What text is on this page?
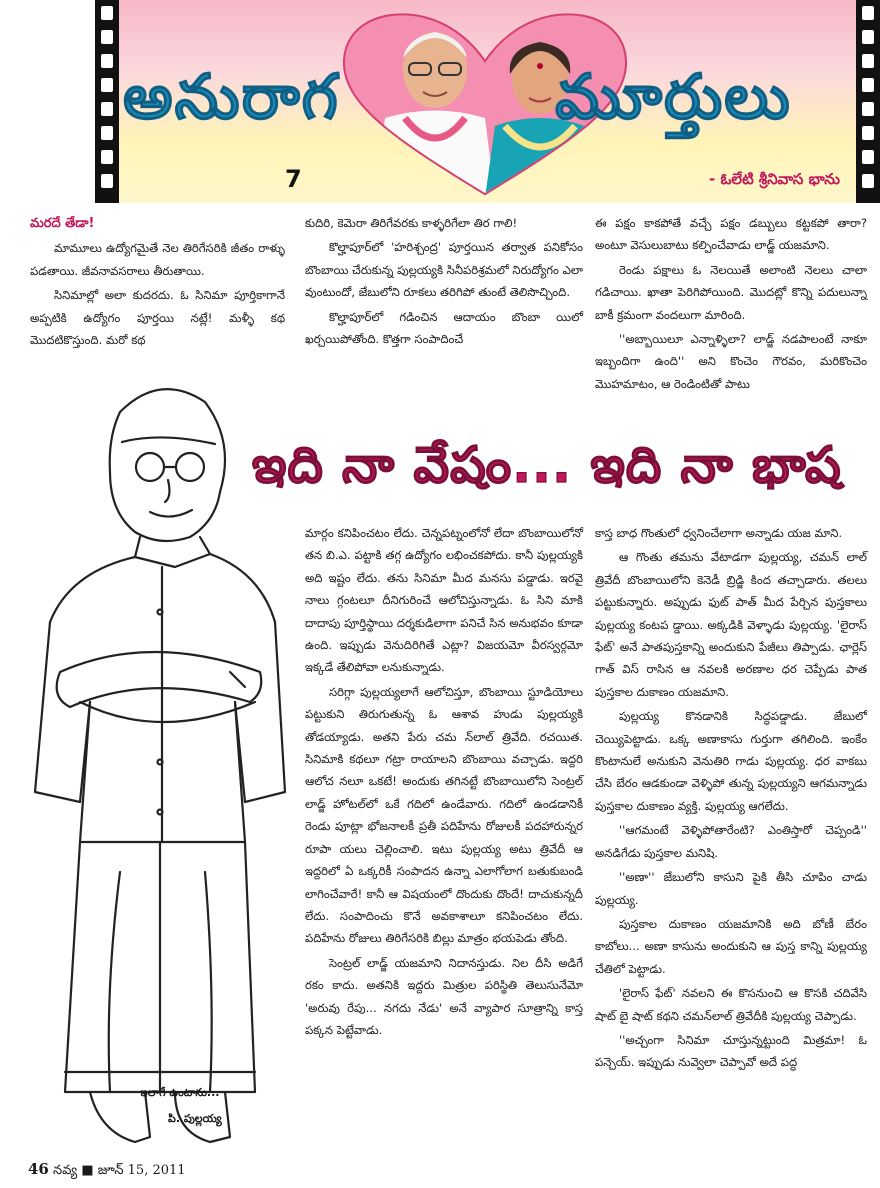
అనురాగ	మూర్తులు
7	- ఓలేటి శ్రీనివాస భాను

మరదే తేడా!

మామూలు ఉద్యోగమైతే నెల తిరిగేసరికి జీతం రాళ్ళు పడతాయి. జీవనావసరాలు తీరుతాయి.

సినిమాల్లో అలా కుదరదు. ఓ సినిమా పూర్తికాగానే అప్పటికి ఉద్యోగం పూర్తయి నట్లే! మళ్ళీ కథ మొదటికొస్తుంది. మరో కథ

కుదిరి, కెమెరా తిరిగేవరకు కాళ్ళరిగేలా తిర గాలి!

కొల్హాపూర్‌లో 'హరిశ్చంద్ర' పూర్తయిన తర్వాత పనికోసం బొంబాయి చేరుకున్న పుల్లయ్యకి సినీపరిశ్రమలో నిరుద్యోగం ఎలా వుంటుందో, జేబులోని రూకలు తరిగిపో తుంటే తెలిసొచ్చింది.

కొల్హాపూర్‌లో గడించిన ఆదాయం బొంబా యిలో ఖర్చయిపోతోంది. కొత్తగా సంపాదించే

ఈ పక్షం కాకపోతే వచ్చే పక్షం డబ్బులు కట్టకపో తారా? అంటూ వెసులుబాటు కల్పించేవాడు లాడ్జ్ యజమాని.

రెండు పక్షాలు ఓ నెలయితే అలాంటి నెలలు చాలా గడిచాయి. ఖాతా పెరిగిపోయింది. మొదట్లో కొన్ని పదులున్నా బాకీ క్రమంగా వందలుగా మారింది.

''అబ్బాయిలూ ఎన్నాళ్ళిలా? లాడ్జ్ నడపాలంటే నాకూ ఇబ్బందిగా ఉంది'' అని కొంచెం గౌరవం, మరికొంచెం మొహమాటం, ఆ రెండింటితో పాటు

ఇది నా వేషం... ఇది నా భాష
ఇలాగే ఉంటాను...
పి. పుల్లయ్య

మార్గం కనిపించటం లేదు. చెన్నపట్నంలోనో లేదా బొంబాయిలోనో తన బి.ఎ. పట్టాకి తగ్గ ఉద్యోగం లభించకపోదు. కానీ పుల్లయ్యకి అది ఇష్టం లేదు. తను సినిమా మీద మనసు పడ్డాడు. ఇరవై నాలు గ్గంటలూ దీనిగురించే ఆలోచిస్తున్నాడు. ఓ సిని మాకి దాదాపు పూర్తిస్థాయి దర్శకుడిలాగా పనిచే సిన అనుభవం కూడా ఉంది. ఇప్పుడు వెనుదిరిగితే ఎట్లా? విజయమో వీరస్వర్గమో ఇక్కడే తేలిపోవా లనుకున్నాడు.

సరిగ్గా పుల్లయ్యలాగే ఆలోచిస్తూ, బొంబాయి స్టూడియోలు పట్టుకుని తిరుగుతున్న ఓ ఆశావ హుడు పుల్లయ్యకి తోడయ్యాడు. అతని పేరు చమ న్‌లాల్ త్రివేది. రచయిత. సినిమాకి కథలూ గట్రా రాయాలని బొంబాయి వచ్చాడు. ఇద్దరి ఆలోచ నలూ ఒకటే! అందుకు తగినట్టే బొంబాయిలోని సెంట్రల్ లాడ్జ్ హోటల్‌లో ఒకే గదిలో ఉండేవారు. గదిలో ఉండడానికీ రెండు పూట్లా భోజనాలకీ ప్రతీ పదిహేను రోజులకీ పదహారున్నర రూపా యలు చెల్లించాలి. ఇటు పుల్లయ్య అటు త్రివేదీ ఆ ఇద్దరిలో ఏ ఒక్కరికీ సంపాదన ఉన్నా ఎలాగోలాగ బతుకుబండి లాగించేవారే! కానీ ఆ విషయంలో దొందుకు దొందే! దాచుకున్నదీ లేదు. సంపాదించు కొనే అవకాశాలూ కనిపించటం లేదు. పదిహేను రోజులు తిరిగేసరికి బిల్లు మాత్రం భయపెడు తోంది.

సెంట్రల్ లాడ్జ్ యజమాని నిదానస్తుడు. నిల దీసి అడిగే రకం కాదు. అతనికి ఇద్దరు మిత్రుల పరిస్థితి తెలుసునేమో 'అరువు రేపు... నగదు నేడు' అనే వ్యాపార సూత్రాన్ని కాస్త పక్కన పెట్టేవాడు.

కాస్త బాధ గొంతులో ధ్వనించేలాగా అన్నాడు యజ మాని.

ఆ గొంతు తమను వేటాడగా పుల్లయ్య, చమన్ లాల్ త్రివేదీ బొంబాయిలోని కెనెడీ బ్రిడ్జి కింద తచ్చాడారు. తలలు పట్టుకున్నారు. అప్పుడు ఫుట్ పాత్ మీద పేర్చిన పుస్తకాలు పుల్లయ్య కంటప డ్డాయి. అక్కడికి వెళ్ళాడు పుల్లయ్య. 'లైరాస్ ఫేట్' అనే పాతపుస్తకాన్ని అందుకుని పేజీలు తిప్పాడు. ఛార్లెస్ గాత్ విస్ రాసిన ఆ నవలకి అరణాల ధర చెప్పేడు పాత పుస్తకాల దుకాణం యజమాని.

పుల్లయ్య కొనడానికి సిద్ధపడ్డాడు. జేబులో చెయ్యిపెట్టాడు. ఒక్క అణాకాసు గుర్తుగా తగిలింది. ఇంకేం కొంటానులే అనుకుని వెనుతిరి గాడు పుల్లయ్య. ధర వాకబు చేసి బేరం ఆడకుండా వెళ్ళిపో తున్న పుల్లయ్యని ఆగమన్నాడు పుస్తకాల దుకాణం వ్యక్తి. పుల్లయ్య ఆగలేదు.

''ఆగమంటే వెళ్ళిపోతారేంటి? ఎంతిస్తారో చెప్పండి'' అనడిగేడు పుస్తకాల మనిషి.

''అణా'' జేబులోని కాసుని పైకి తీసి చూపిం చాడు పుల్లయ్య.

పుస్తకాల దుకాణం యజమానికి అది బోణీ బేరం కాబోలు... అణా కాసును అందుకుని ఆ పుస్త కాన్ని పుల్లయ్య చేతిలో పెట్టాడు.

'లైరాస్ ఫేట్' నవలని ఈ కొసనుంచి ఆ కొసకి చదివేసి షాట్ బై షాట్ కథని చమన్‌లాల్ త్రివేదీకి పుల్లయ్య చెప్పాడు.

''అచ్చంగా సినిమా చూస్తున్నట్టుంది మిత్రమా! ఓ పన్చెయ్. ఇప్పుడు నువ్వెలా చెప్పావో అదే పద్ధ

46 నవ్య ■ జూన్ 15, 2011
